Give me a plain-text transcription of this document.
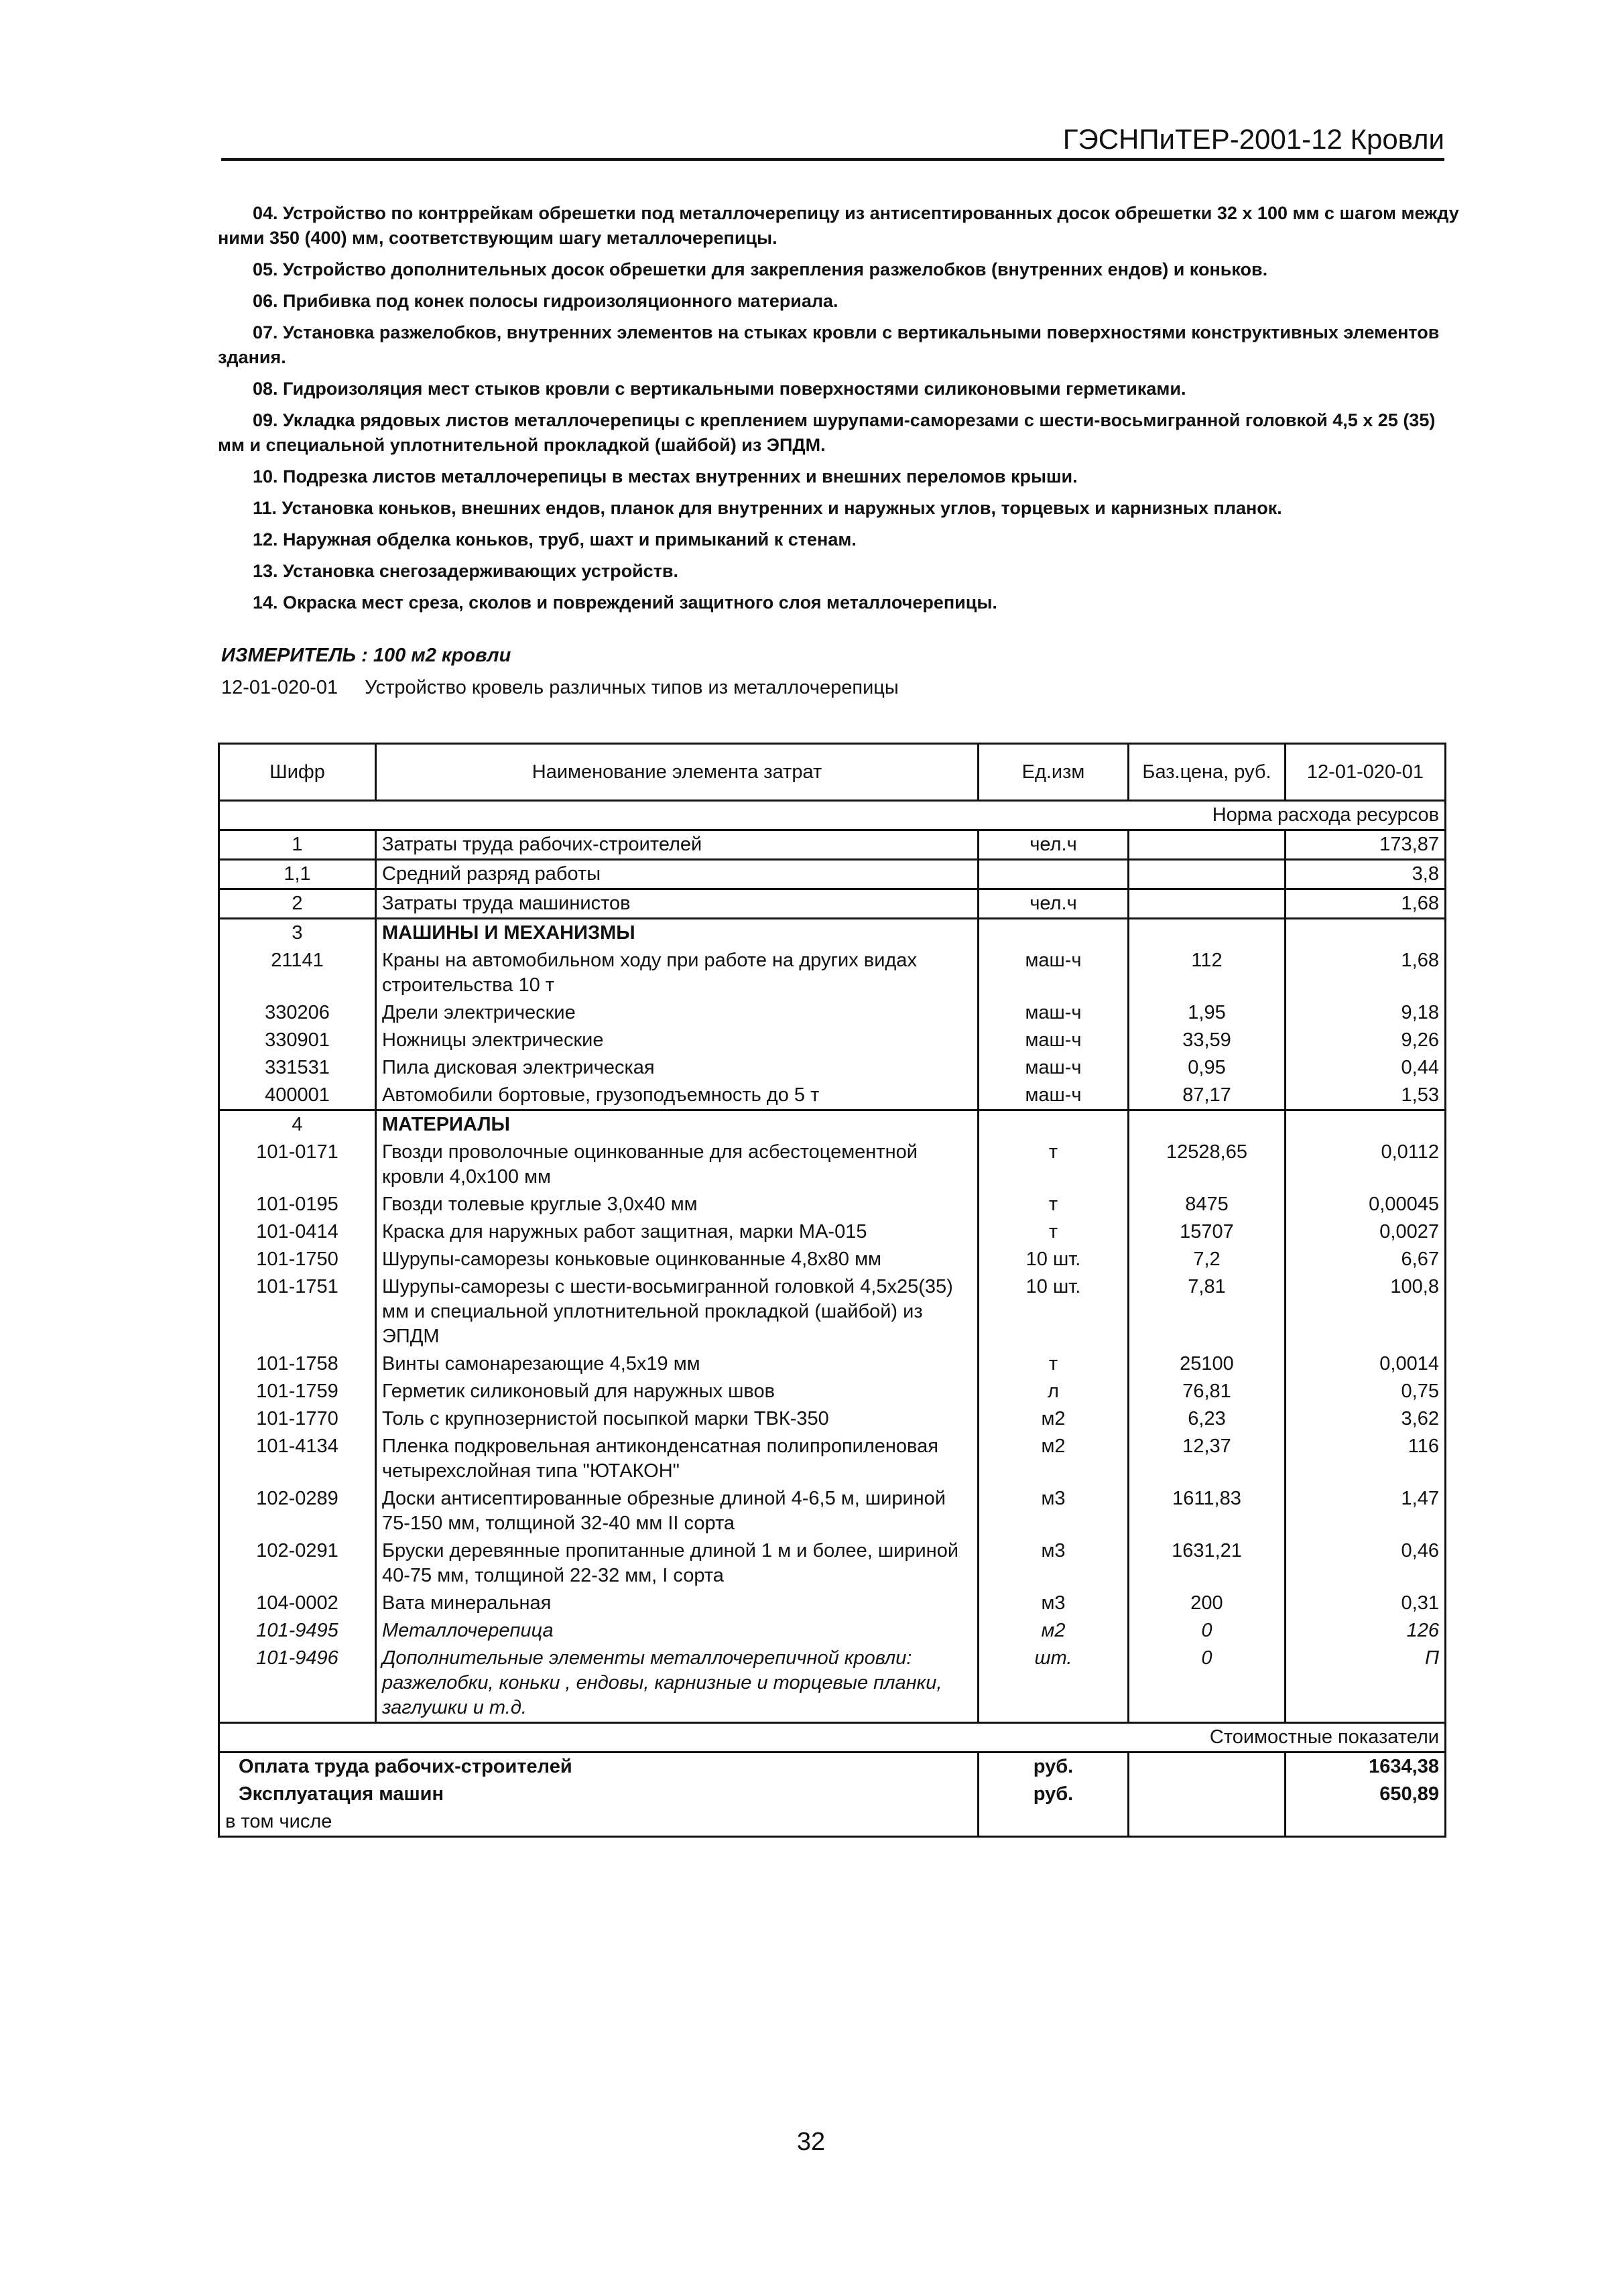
ГЭСНПиТЕР-2001-12 Кровли

04. Устройство по контррейкам обрешетки под металлочерепицу из антисептированных досок обрешетки 32 х 100 мм с шагом между ними 350 (400) мм, соответствующим шагу металлочерепицы.

05. Устройство дополнительных досок обрешетки для закрепления разжелобков (внутренних ендов) и коньков.

06. Прибивка под конек полосы гидроизоляционного материала.

07. Установка разжелобков, внутренних элементов на стыках кровли с вертикальными поверхностями конструктивных элементов здания.

08. Гидроизоляция мест стыков кровли с вертикальными поверхностями силиконовыми герметиками.

09. Укладка рядовых листов металлочерепицы с креплением шурупами-саморезами с шести-восьмигранной головкой 4,5 х 25 (35) мм и специальной уплотнительной прокладкой (шайбой) из ЭПДМ.

10. Подрезка листов металлочерепицы в местах внутренних и внешних переломов крыши.

11. Установка коньков, внешних ендов, планок для внутренних и наружных углов, торцевых и карнизных планок.

12. Наружная обделка коньков, труб, шахт и примыканий к стенам.

13. Установка снегозадерживающих устройств.

14. Окраска мест среза, сколов и повреждений защитного слоя металлочерепицы.

ИЗМЕРИТЕЛЬ : 100 м2 кровли
12-01-020-01 Устройство кровель различных типов из металлочерепицы
Шифр	Наименование элемента затрат	Ед.изм	Баз.цена, руб.	12-01-020-01
Норма расхода ресурсов				
1	Затраты труда рабочих-строителей	чел.ч		173,87
1,1	Средний разряд работы			3,8
2	Затраты труда машинистов	чел.ч		1,68
3	МАШИНЫ И МЕХАНИЗМЫ			
21141	Краны на автомобильном ходу при работе на других видах строительства 10 т	маш-ч	112	1,68
330206	Дрели электрические	маш-ч	1,95	9,18
330901	Ножницы электрические	маш-ч	33,59	9,26
331531	Пила дисковая электрическая	маш-ч	0,95	0,44
400001	Автомобили бортовые, грузоподъемность до 5 т	маш-ч	87,17	1,53
4	МАТЕРИАЛЫ			
101-0171	Гвозди проволочные оцинкованные для асбестоцементной кровли 4,0х100 мм	т	12528,65	0,0112
101-0195	Гвозди толевые круглые 3,0х40 мм	т	8475	0,00045
101-0414	Краска для наружных работ защитная, марки МА-015	т	15707	0,0027
101-1750	Шурупы-саморезы коньковые оцинкованные 4,8х80 мм	10 шт.	7,2	6,67
101-1751	Шурупы-саморезы с шести-восьмигранной головкой 4,5х25(35) мм и специальной уплотнительной прокладкой (шайбой) из ЭПДМ	10 шт.	7,81	100,8
101-1758	Винты самонарезающие 4,5х19 мм	т	25100	0,0014
101-1759	Герметик силиконовый для наружных швов	л	76,81	0,75
101-1770	Толь с крупнозернистой посыпкой марки ТВК-350	м2	6,23	3,62
101-4134	Пленка подкровельная антиконденсатная полипропиленовая четырехслойная типа "ЮТАКОН"	м2	12,37	116
102-0289	Доски антисептированные обрезные длиной 4-6,5 м, шириной 75-150 мм, толщиной 32-40 мм II сорта	м3	1611,83	1,47
102-0291	Бруски деревянные пропитанные длиной 1 м и более, шириной 40-75 мм, толщиной 22-32 мм, I сорта	м3	1631,21	0,46
104-0002	Вата минеральная	м3	200	0,31
101-9495	Металлочерепица	м2	0	126
101-9496	Дополнительные элементы металлочерепичной кровли: разжелобки, коньки , ендовы, карнизные и торцевые планки, заглушки и т.д.	шт.	0	П
Стоимостные показатели				
Оплата труда рабочих-строителей		руб.		1634,38
Эксплуатация машин		руб.		650,89
в том числе				
32
